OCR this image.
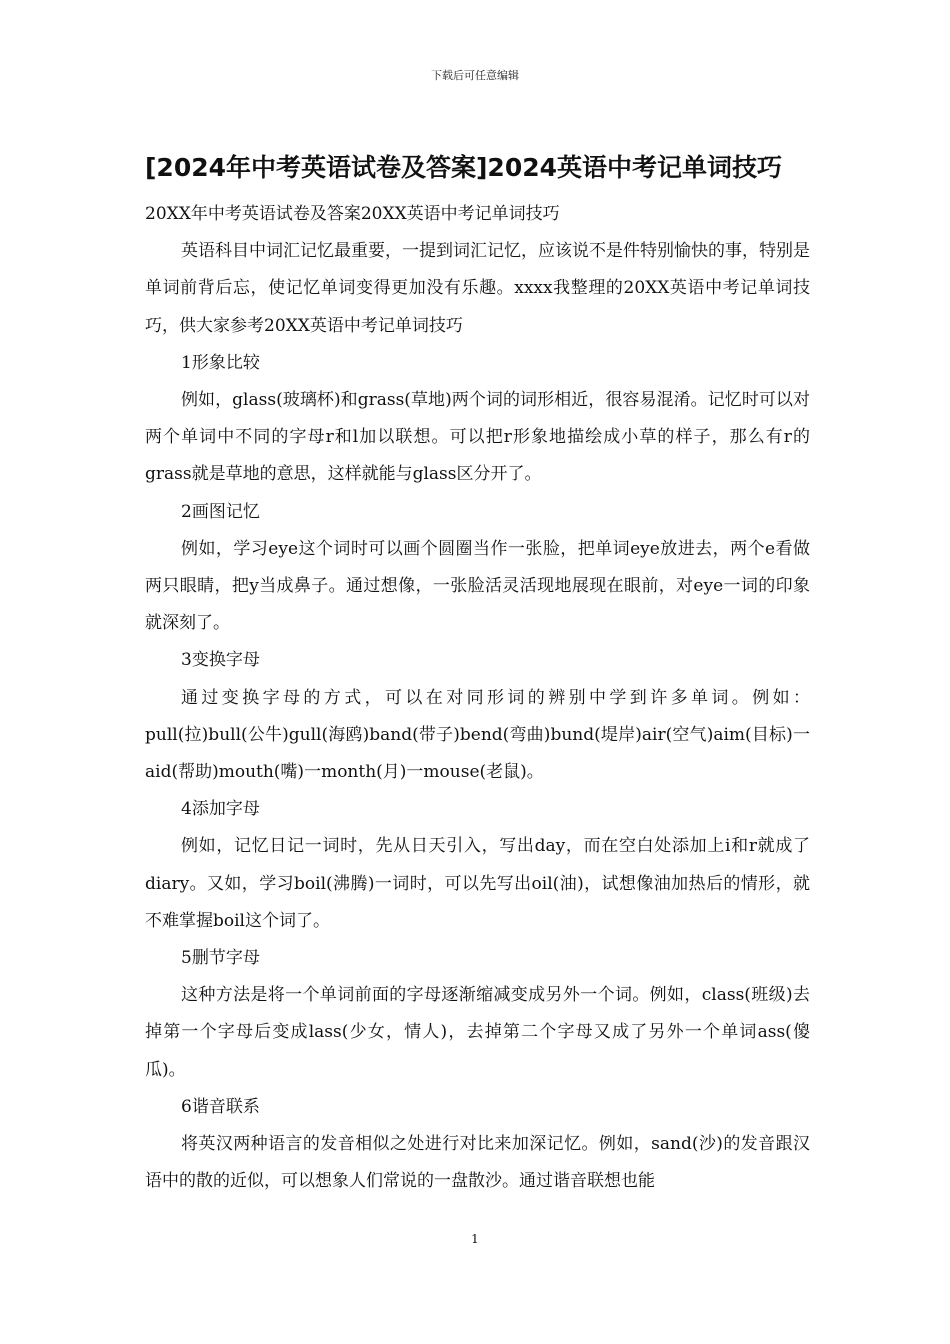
下载后可任意编辑
[2024年中考英语试卷及答案]2024英语中考记单词技巧

20XX年中考英语试卷及答案20XX英语中考记单词技巧

英语科目中词汇记忆最重要，一提到词汇记忆，应该说不是件特别愉快的事，特别是单词前背后忘，使记忆单词变得更加没有乐趣。xxxx我整理的20XX英语中考记单词技巧，供大家参考20XX英语中考记单词技巧

1形象比较

例如，glass(玻璃杯)和grass(草地)两个词的词形相近，很容易混淆。记忆时可以对两个单词中不同的字母r和l加以联想。可以把r形象地描绘成小草的样子，那么有r的grass就是草地的意思，这样就能与glass区分开了。

2画图记忆

例如，学习eye这个词时可以画个圆圈当作一张脸，把单词eye放进去，两个e看做两只眼睛，把y当成鼻子。通过想像，一张脸活灵活现地展现在眼前，对eye一词的印象就深刻了。

3变换字母

通过变换字母的方式，可以在对同形词的辨别中学到许多单词。例如：pull(拉)bull(公牛)gull(海鸥)band(带子)bend(弯曲)bund(堤岸)air(空气)aim(目标)一aid(帮助)mouth(嘴)一month(月)一mouse(老鼠)。

4添加字母

例如，记忆日记一词时，先从日天引入，写出day，而在空白处添加上i和r就成了diary。又如，学习boil(沸腾)一词时，可以先写出oil(油)，试想像油加热后的情形，就不难掌握boil这个词了。

5删节字母

这种方法是将一个单词前面的字母逐渐缩减变成另外一个词。例如，class(班级)去掉第一个字母后变成lass(少女，情人)，去掉第二个字母又成了另外一个单词ass(傻瓜)。

6谐音联系

将英汉两种语言的发音相似之处进行对比来加深记忆。例如，sand(沙)的发音跟汉语中的散的近似，可以想象人们常说的一盘散沙。通过谐音联想也能

1
